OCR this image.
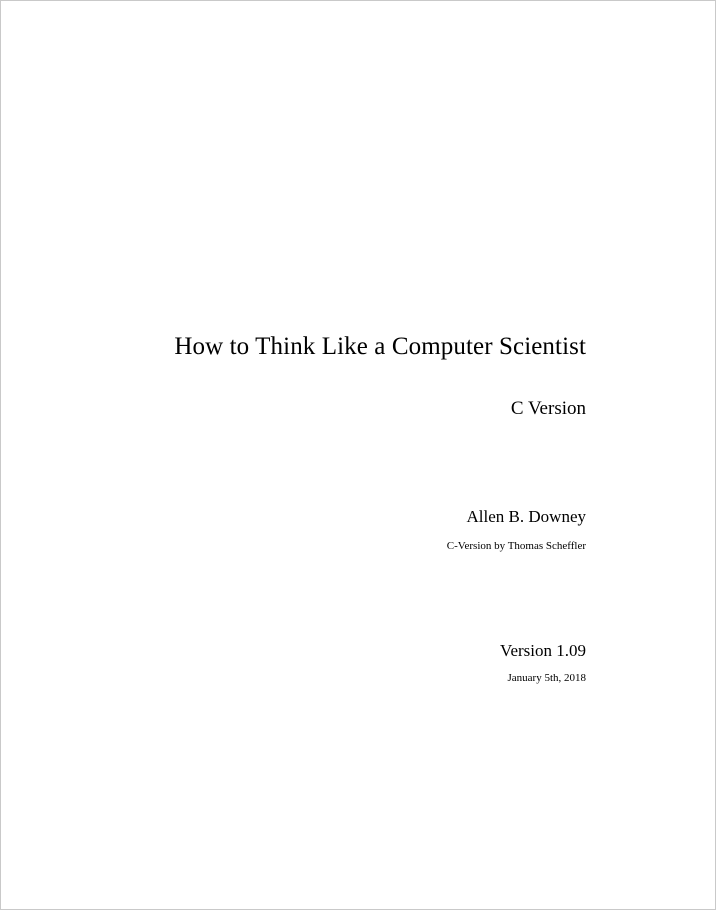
How to Think Like a Computer Scientist
C Version

Allen B. Downey

C-Version by Thomas Scheffler

Version 1.09

January 5th, 2018
